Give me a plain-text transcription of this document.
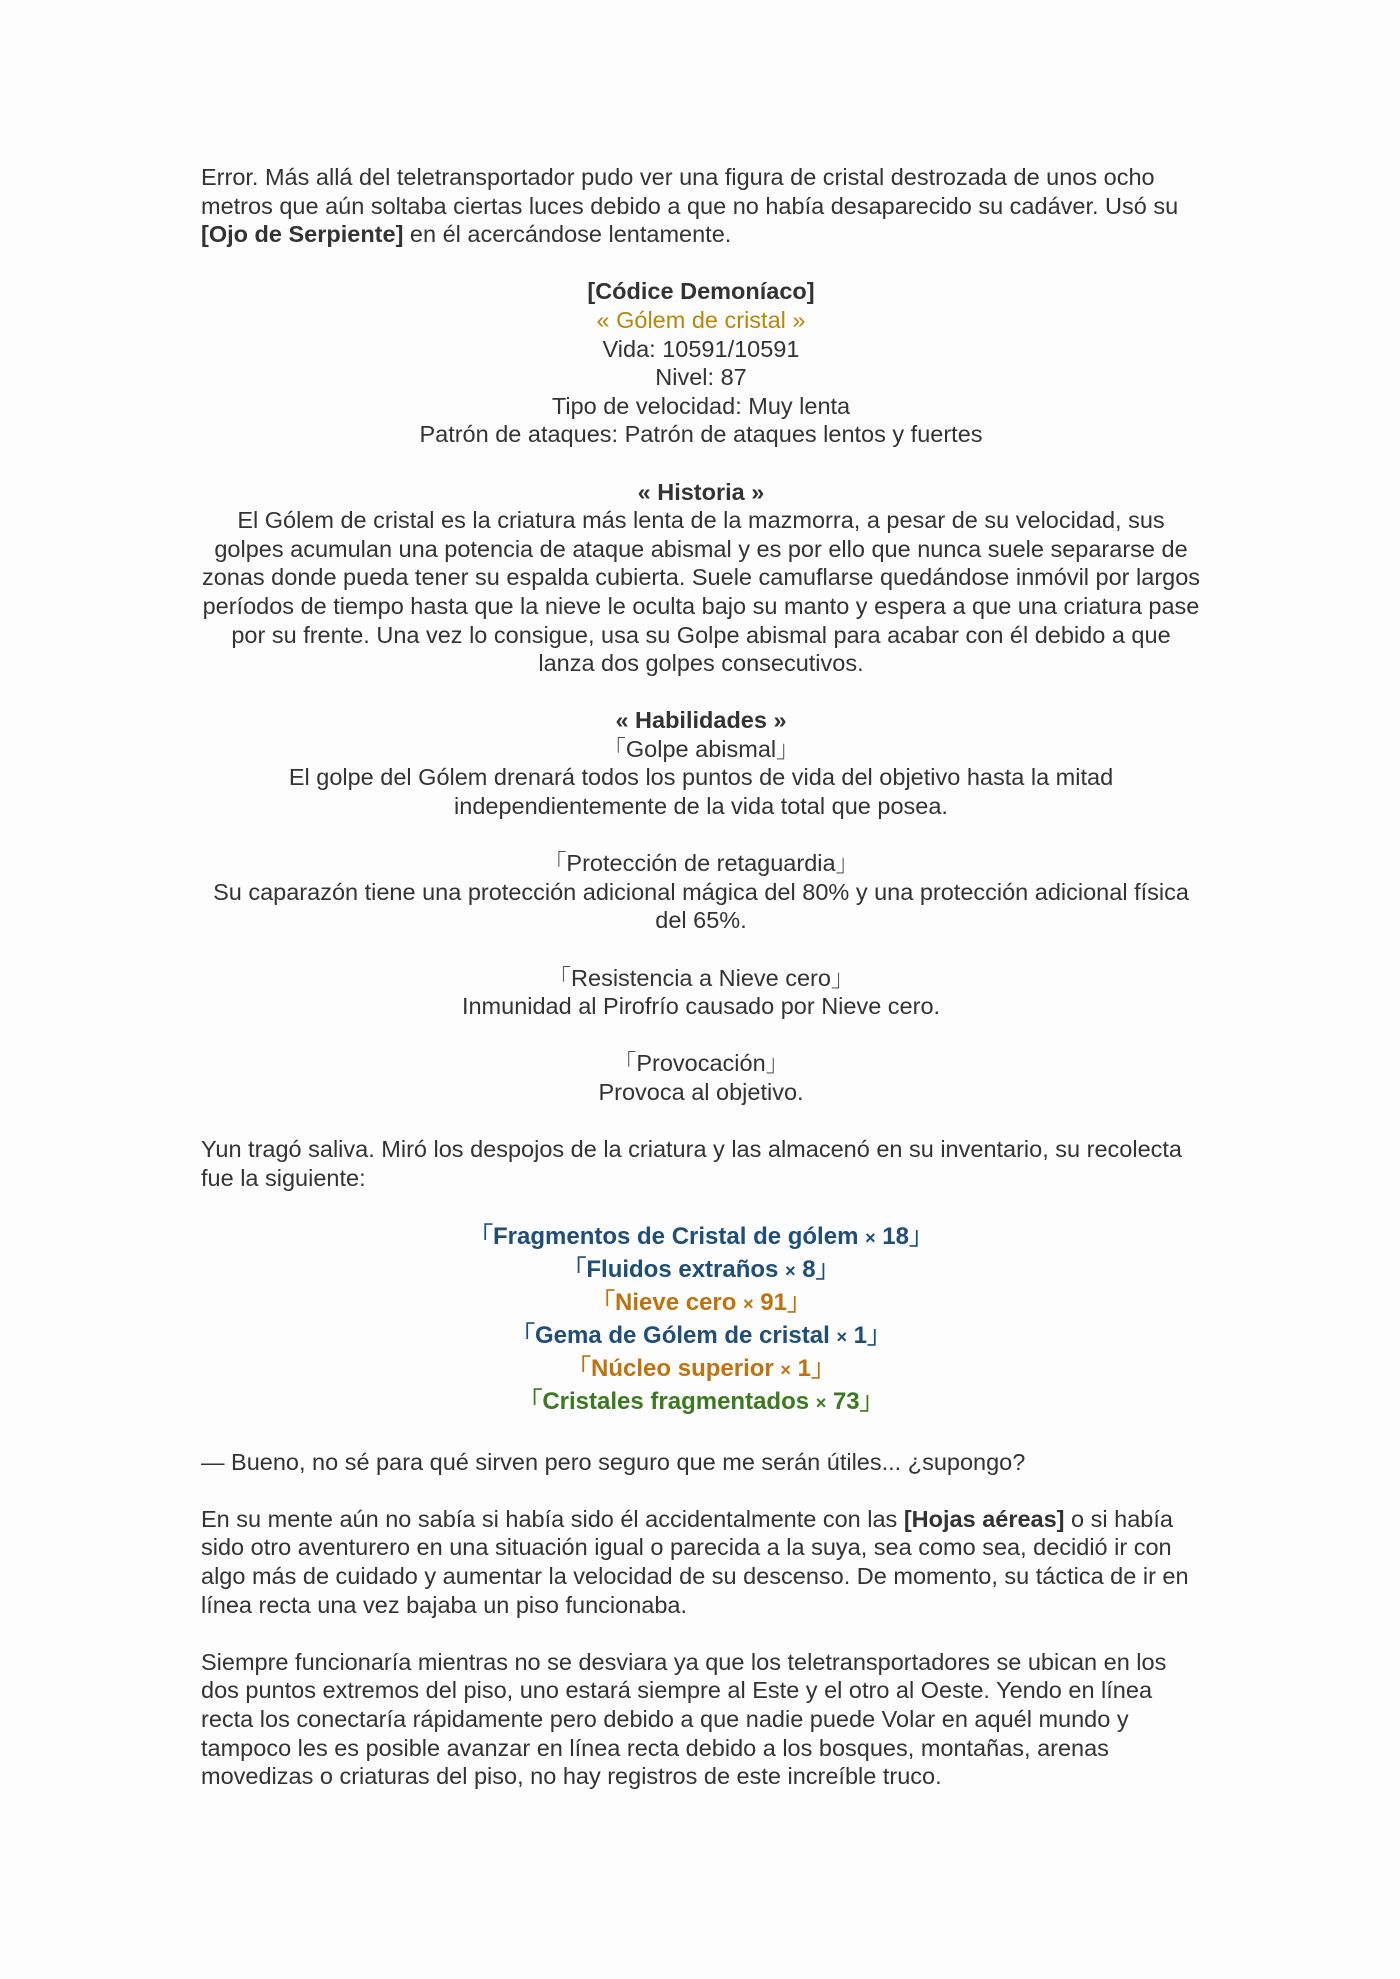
Error. Más allá del teletransportador pudo ver una figura de cristal destrozada de unos ocho metros que aún soltaba ciertas luces debido a que no había desaparecido su cadáver. Usó su [Ojo de Serpiente] en él acercándose lentamente.

[Códice Demoníaco]

« Gólem de cristal »

Vida: 10591/10591

Nivel: 87

Tipo de velocidad: Muy lenta

Patrón de ataques: Patrón de ataques lentos y fuertes

« Historia »

El Gólem de cristal es la criatura más lenta de la mazmorra, a pesar de su velocidad, sus golpes acumulan una potencia de ataque abismal y es por ello que nunca suele separarse de zonas donde pueda tener su espalda cubierta. Suele camuflarse quedándose inmóvil por largos períodos de tiempo hasta que la nieve le oculta bajo su manto y espera a que una criatura pase por su frente. Una vez lo consigue, usa su Golpe abismal para acabar con él debido a que lanza dos golpes consecutivos.

« Habilidades »

「Golpe abismal」

El golpe del Gólem drenará todos los puntos de vida del objetivo hasta la mitad independientemente de la vida total que posea.

「Protección de retaguardia」

Su caparazón tiene una protección adicional mágica del 80% y una protección adicional física del 65%.

「Resistencia a Nieve cero」

Inmunidad al Pirofrío causado por Nieve cero.

「Provocación」

Provoca al objetivo.

Yun tragó saliva. Miró los despojos de la criatura y las almacenó en su inventario, su recolecta fue la siguiente:

「Fragmentos de Cristal de gólem × 18」
「Fluidos extraños × 8」
「Nieve cero × 91」
「Gema de Gólem de cristal × 1」
「Núcleo superior × 1」
「Cristales fragmentados × 73」

— Bueno, no sé para qué sirven pero seguro que me serán útiles... ¿supongo?

En su mente aún no sabía si había sido él accidentalmente con las [Hojas aéreas] o si había sido otro aventurero en una situación igual o parecida a la suya, sea como sea, decidió ir con algo más de cuidado y aumentar la velocidad de su descenso. De momento, su táctica de ir en línea recta una vez bajaba un piso funcionaba.

Siempre funcionaría mientras no se desviara ya que los teletransportadores se ubican en los dos puntos extremos del piso, uno estará siempre al Este y el otro al Oeste. Yendo en línea recta los conectaría rápidamente pero debido a que nadie puede Volar en aquél mundo y tampoco les es posible avanzar en línea recta debido a los bosques, montañas, arenas movedizas o criaturas del piso, no hay registros de este increíble truco.
